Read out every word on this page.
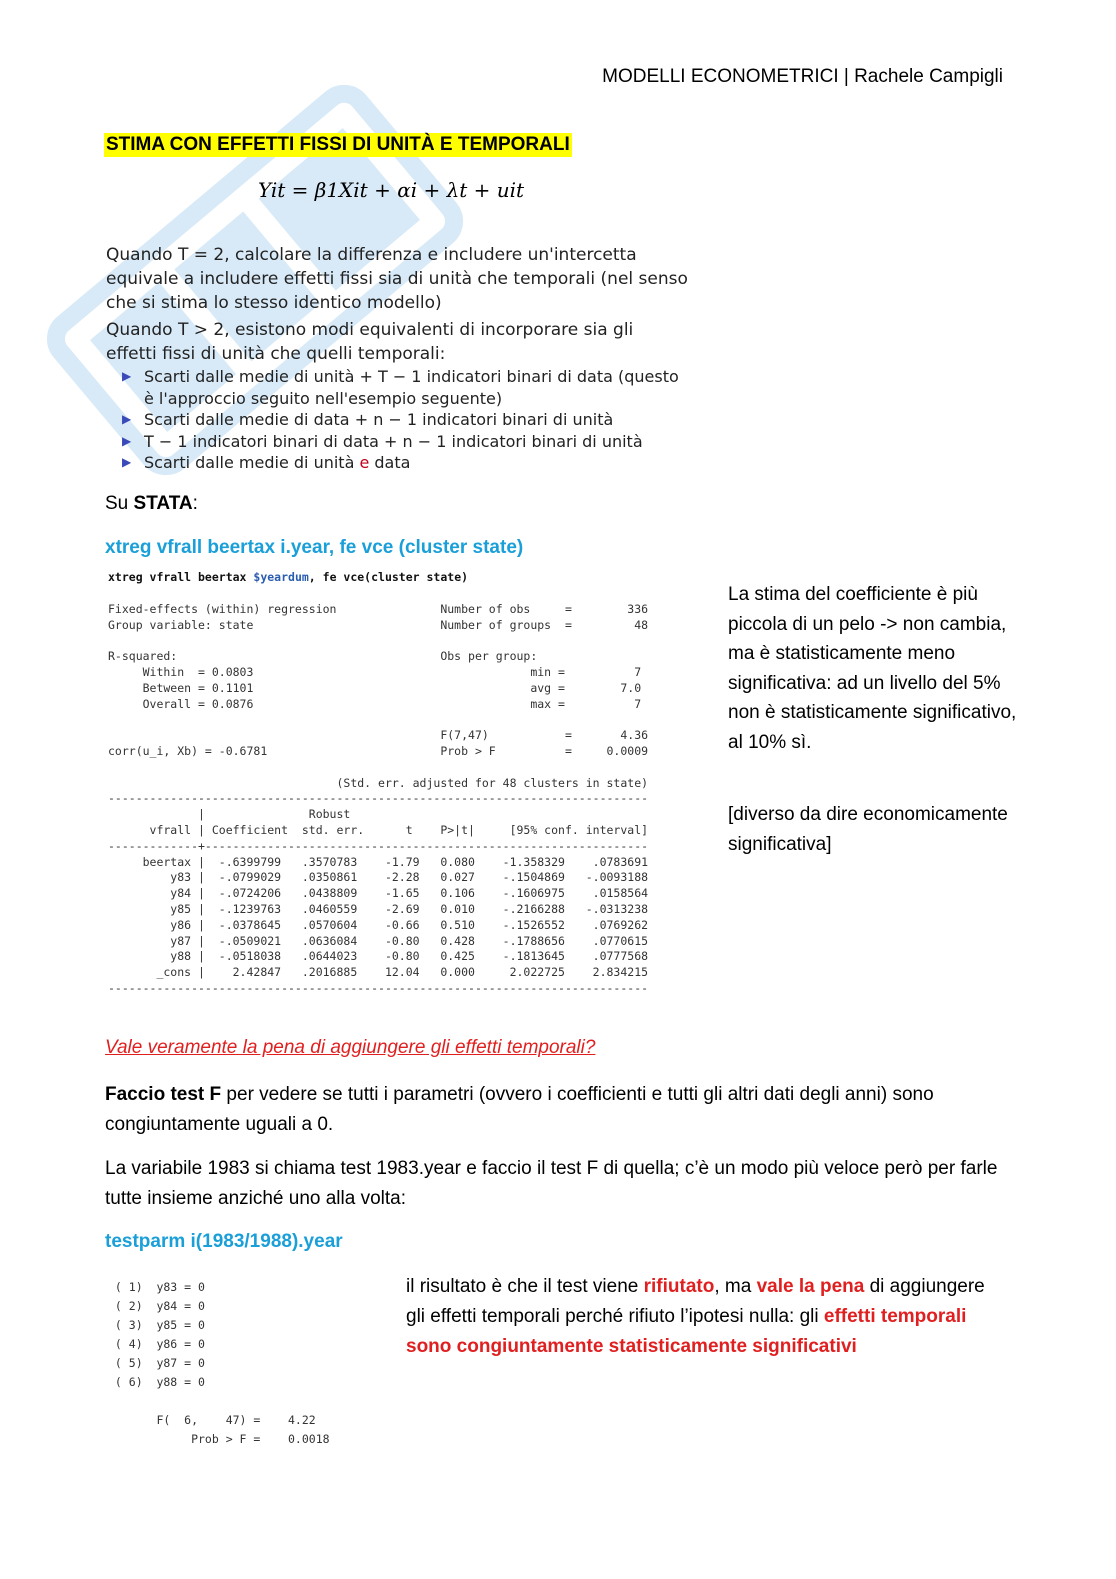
MODELLI ECONOMETRICI | Rachele Campigli
STIMA CON EFFETTI FISSI DI UNITÀ E TEMPORALI
Yit = β1Xit + αi + λt + uit
Quando T = 2, calcolare la differenza e includere un'intercetta
equivale a includere effetti fissi sia di unità che temporali (nel senso
che si stima lo stesso identico modello)
Quando T > 2, esistono modi equivalenti di incorporare sia gli
effetti fissi di unità che quelli temporali:
▶ Scarti dalle medie di unità + T − 1 indicatori binari di data (questo
è l'approccio seguito nell'esempio seguente)
▶ Scarti dalle medie di data + n − 1 indicatori binari di unità
▶ T − 1 indicatori binari di data + n − 1 indicatori binari di unità
▶ Scarti dalle medie di unità e data
Su STATA:
xtreg vfrall beertax i.year, fe vce (cluster state)
xtreg vfrall beertax $yeardum, fe vce(cluster state)
Fixed-effects (within) regression               Number of obs     =        336
Group variable: state                           Number of groups  =         48
R-squared:                                      Obs per group:
Within  = 0.0803                                        min =          7
Between = 0.1101                                        avg =        7.0
Overall = 0.0876                                        max =          7
F(7,47)           =       4.36
corr(u_i, Xb) = -0.6781                         Prob > F          =     0.0009
(Std. err. adjusted for 48 clusters in state)
------------------------------------------------------------------------------
|               Robust
vfrall | Coefficient  std. err.      t    P>|t|     [95% conf. interval]
-------------+----------------------------------------------------------------
beertax |  -.6399799   .3570783    -1.79   0.080    -1.358329    .0783691
y83 |  -.0799029   .0350861    -2.28   0.027    -.1504869   -.0093188
y84 |  -.0724206   .0438809    -1.65   0.106    -.1606975    .0158564
y85 |  -.1239763   .0460559    -2.69   0.010    -.2166288   -.0313238
y86 |  -.0378645   .0570604    -0.66   0.510    -.1526552    .0769262
y87 |  -.0509021   .0636084    -0.80   0.428    -.1788656    .0770615
y88 |  -.0518038   .0644023    -0.80   0.425    -.1813645    .0777568
_cons |    2.42847   .2016885    12.04   0.000     2.022725    2.834215
------------------------------------------------------------------------------
La stima del coefficiente è più piccola di un pelo -> non cambia, ma è statisticamente meno significativa: ad un livello del 5% non è statisticamente significativo, al 10% sì.
[diverso da dire economicamente significativa]
Vale veramente la pena di aggiungere gli effetti temporali?
Faccio test F per vedere se tutti i parametri (ovvero i coefficienti e tutti gli altri dati degli anni) sono congiuntamente uguali a 0.
La variabile 1983 si chiama test 1983.year e faccio il test F di quella; c’è un modo più veloce però per farle tutte insieme anziché uno alla volta:
testparm i(1983/1988).year
( 1)  y83 = 0
( 2)  y84 = 0
( 3)  y85 = 0
( 4)  y86 = 0
( 5)  y87 = 0
( 6)  y88 = 0
F(  6,    47) =    4.22
Prob > F =    0.0018
il risultato è che il test viene rifiutato, ma vale la pena di aggiungere gli effetti temporali perché rifiuto l’ipotesi nulla: gli effetti temporali sono congiuntamente statisticamente significativi
